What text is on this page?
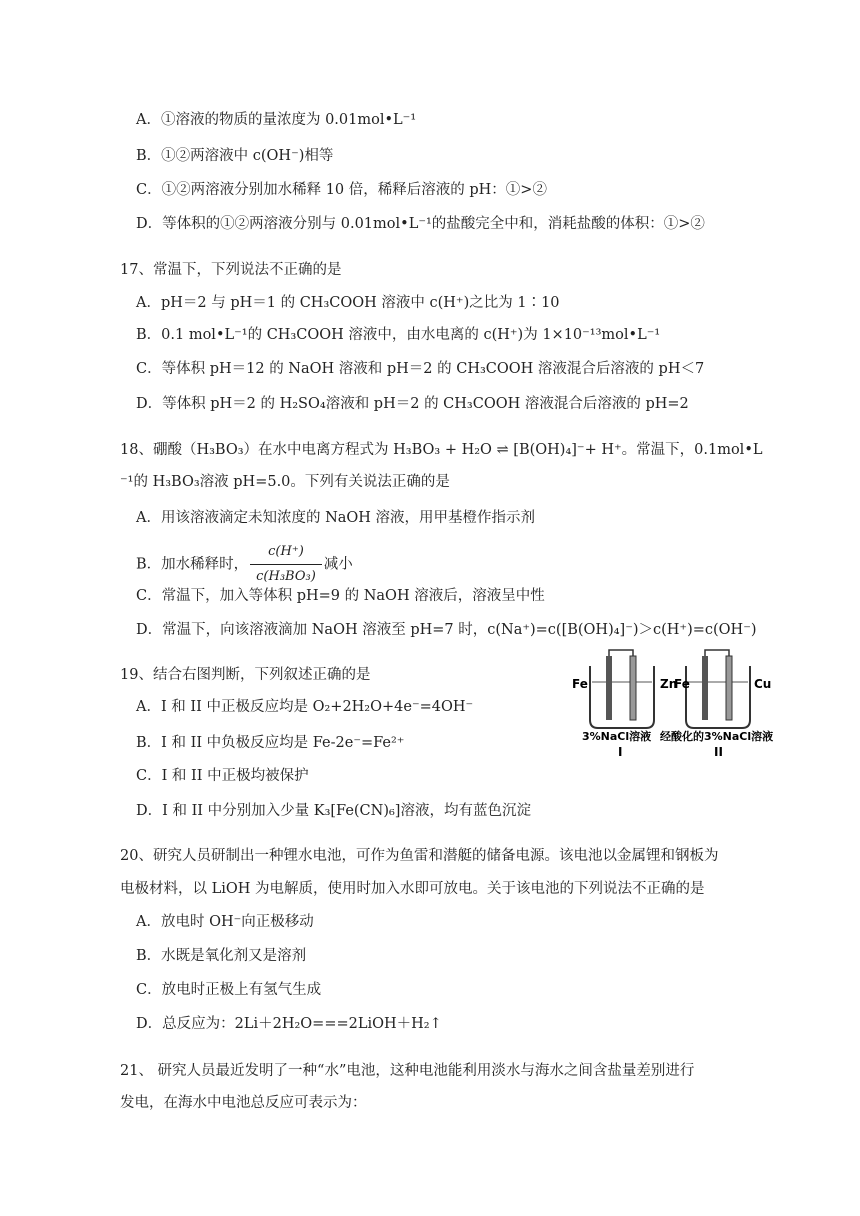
A．①溶液的物质的量浓度为 0.01mol•L⁻¹
B．①②两溶液中 c(OH⁻)相等
C．①②两溶液分别加水稀释 10 倍，稀释后溶液的 pH：①>②
D．等体积的①②两溶液分别与 0.01mol•L⁻¹的盐酸完全中和，消耗盐酸的体积：①>②
17、常温下，下列说法不正确的是
A．pH＝2 与 pH＝1 的 CH₃COOH 溶液中 c(H⁺)之比为 1∶10
B．0.1 mol•L⁻¹的 CH₃COOH 溶液中，由水电离的 c(H⁺)为 1×10⁻¹³mol•L⁻¹
C．等体积 pH＝12 的 NaOH 溶液和 pH＝2 的 CH₃COOH 溶液混合后溶液的 pH＜7
D．等体积 pH＝2 的 H₂SO₄溶液和 pH＝2 的 CH₃COOH 溶液混合后溶液的 pH=2
18、硼酸（H₃BO₃）在水中电离方程式为 H₃BO₃ + H₂O ⇌ [B(OH)₄]⁻+ H⁺。常温下，0.1mol•L
⁻¹的 H₃BO₃溶液 pH=5.0。下列有关说法正确的是
A．用该溶液滴定未知浓度的 NaOH 溶液，用甲基橙作指示剂
B．加水稀释时， $\frac{c(H^+)}{\text{c(H₃BO₃)}}$ 减小
C．常温下，加入等体积 pH=9 的 NaOH 溶液后，溶液呈中性
D．常温下，向该溶液滴加 NaOH 溶液至 pH=7 时，c(Na⁺)=c([B(OH)₄]⁻)＞c(H⁺)=c(OH⁻)
19、结合右图判断，下列叙述正确的是
A．I 和 II 中正极反应均是 O₂+2H₂O+4e⁻=4OH⁻
B．I 和 II 中负极反应均是 Fe-2e⁻=Fe²⁺
C．I 和 II 中正极均被保护
D．I 和 II 中分别加入少量 K₃[Fe(CN)₆]溶液，均有蓝色沉淀
Fe	Zn
Fe	Cu
3%NaCl溶液 经酸化的3%NaCl溶液
I	II
20、研究人员研制出一种锂水电池，可作为鱼雷和潜艇的储备电源。该电池以金属锂和钢板为
电极材料，以 LiOH 为电解质，使用时加入水即可放电。关于该电池的下列说法不正确的是
A．放电时 OH⁻向正极移动
B．水既是氧化剂又是溶剂
C．放电时正极上有氢气生成
D．总反应为：2Li＋2H₂O===2LiOH＋H₂↑
21、 研究人员最近发明了一种“水”电池，这种电池能利用淡水与海水之间含盐量差别进行
发电，在海水中电池总反应可表示为：
